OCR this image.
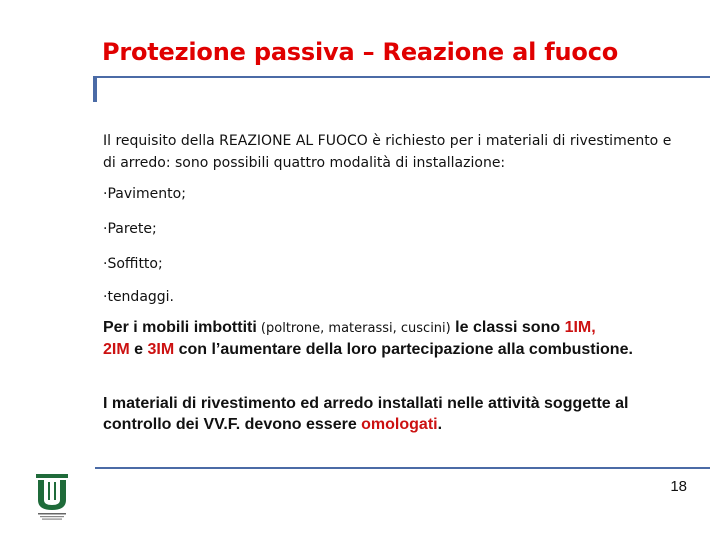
Protezione passiva – Reazione al fuoco
Il requisito della REAZIONE AL FUOCO è richiesto per i materiali di rivestimento e di arredo: sono possibili quattro modalità di installazione:
·Pavimento;
·Parete;
·Soffitto;
·tendaggi.
Per i mobili imbottiti (poltrone, materassi, cuscini) le classi sono 1IM,
2IM e 3IM con l’aumentare della loro partecipazione alla combustione.
I materiali di rivestimento ed arredo installati nelle attività soggette al controllo dei VV.F. devono essere omologati.
18
